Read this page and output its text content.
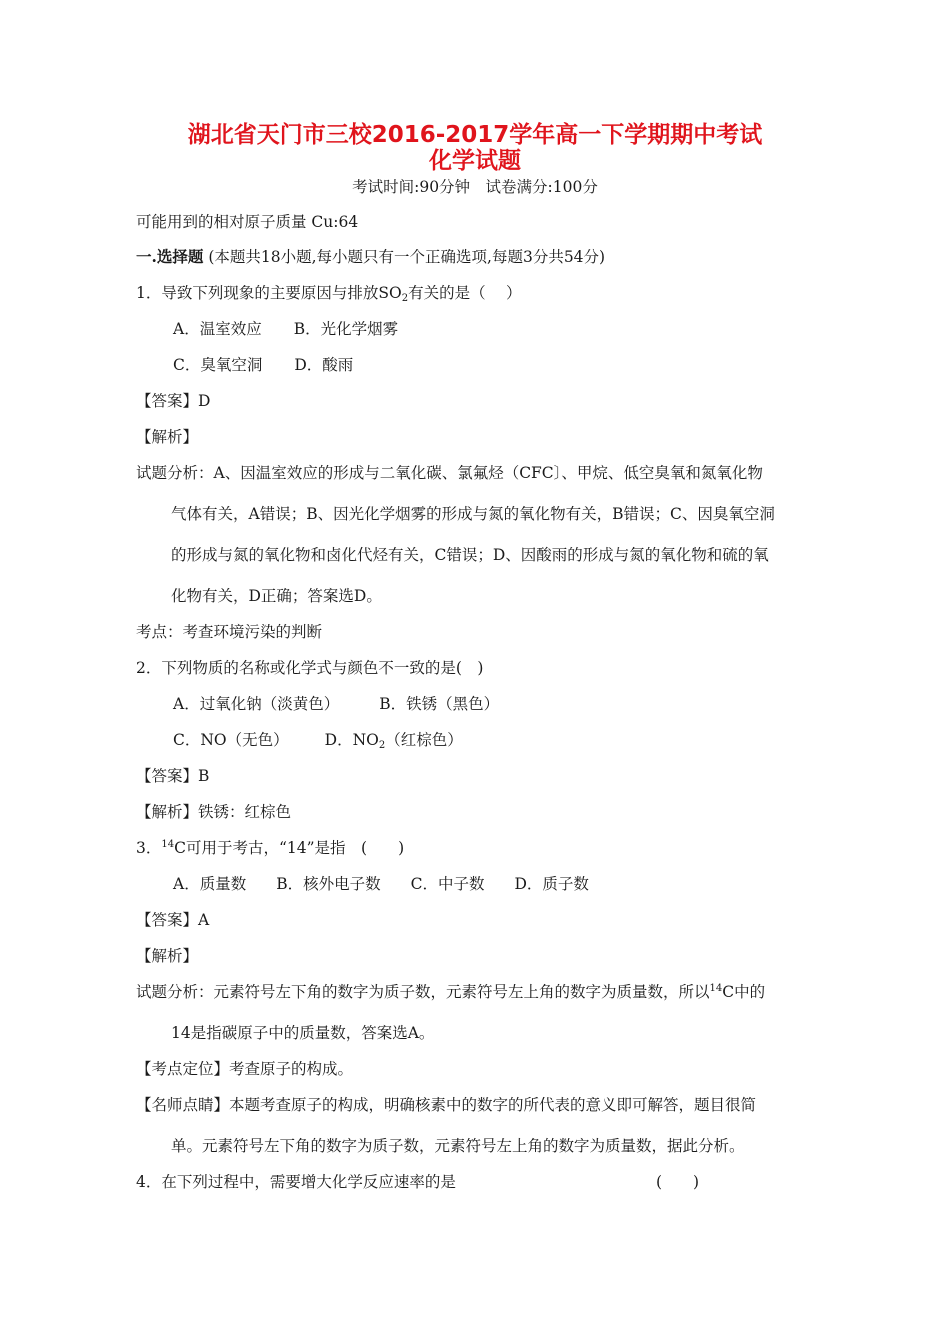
湖北省天门市三校2016-2017学年高一下学期期中考试
化学试题
考试时间:90分钟　试卷满分:100分
可能用到的相对原子质量 Cu:64
一.选择题 (本题共18小题,每小题只有一个正确选项,每题3分共54分)
1．导致下列现象的主要原因与排放$SO_2$有关的是（　 ）
A．温室效应 B．光化学烟雾
C．臭氧空洞 D．酸雨
【答案】D
【解析】
试题分析：A、因温室效应的形成与二氧化碳、氯氟烃（CFC〕、甲烷、低空臭氧和氮氧化物
气体有关，A错误；B、因光化学烟雾的形成与氮的氧化物有关，B错误；C、因臭氧空洞
的形成与氮的氧化物和卤化代烃有关，C错误；D、因酸雨的形成与氮的氧化物和硫的氧
化物有关，D正确；答案选D。
考点：考查环境污染的判断
2．下列物质的名称或化学式与颜色不一致的是(　)
A．过氧化钠（淡黄色）	B．铁锈（黑色）
C．NO（无色） D．$NO_2$（红棕色）
【答案】B
【解析】铁锈：红棕色
3．$^{14}$C可用于考古，“14”是指　(　　)
A．质量数 B．核外电子数 C．中子数 D．质子数
【答案】A
【解析】
试题分析：元素符号左下角的数字为质子数，元素符号左上角的数字为质量数，所以$^{14}$C中的
14是指碳原子中的质量数，答案选A。
【考点定位】考查原子的构成。
【名师点睛】本题考查原子的构成，明确核素中的数字的所代表的意义即可解答，题目很简
单。元素符号左下角的数字为质子数，元素符号左上角的数字为质量数，据此分析。
4．在下列过程中，需要增大化学反应速率的是	(　　)
